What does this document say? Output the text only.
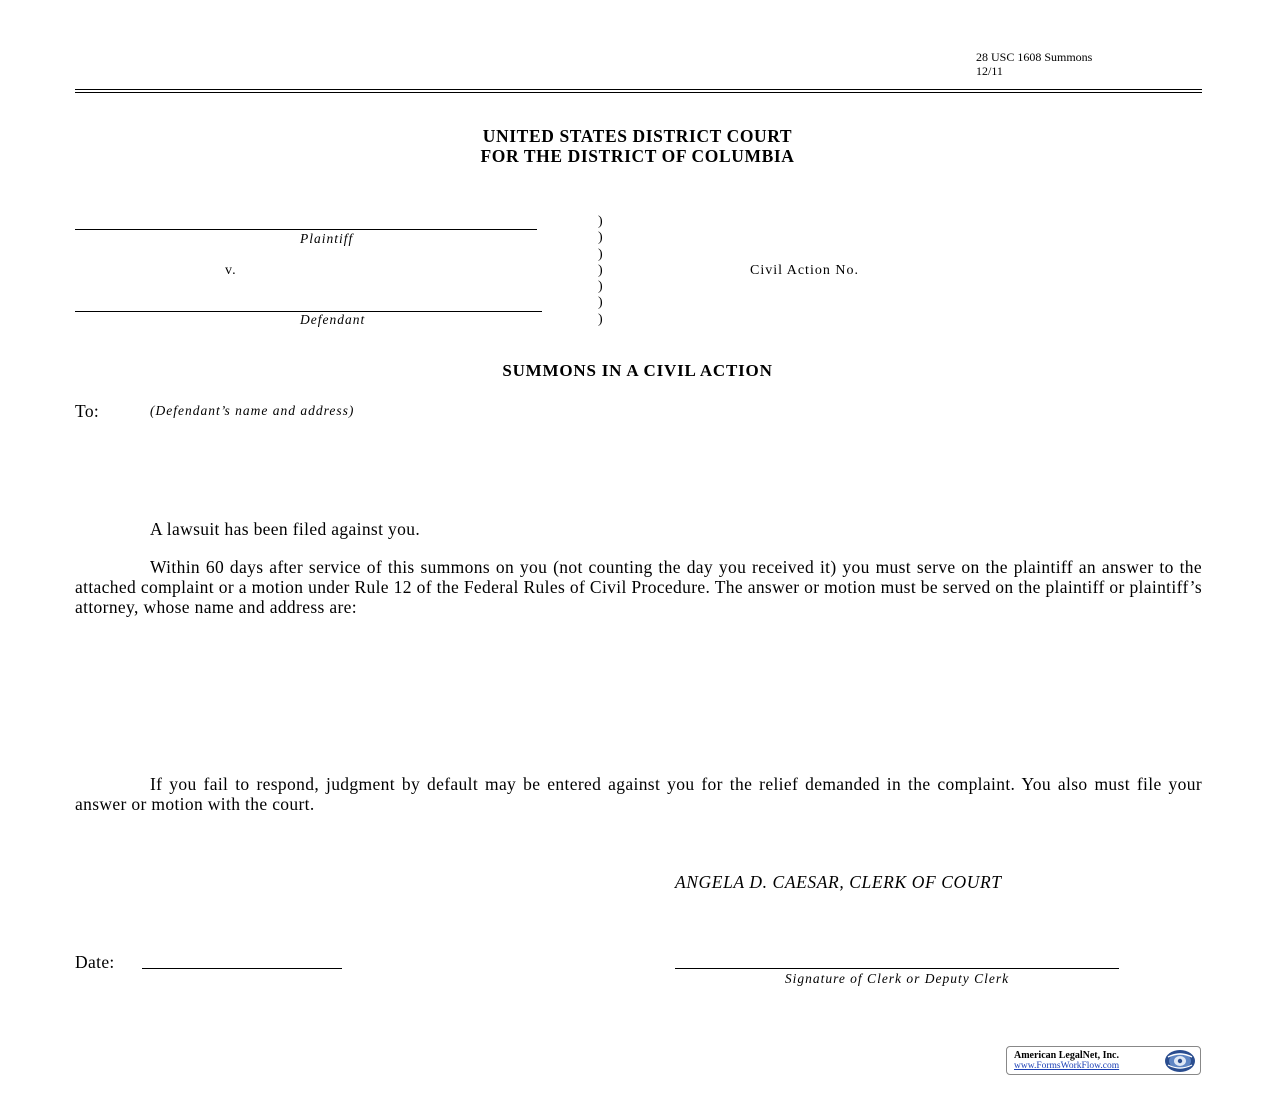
28 USC 1608 Summons
12/11
UNITED STATES DISTRICT COURT
FOR THE DISTRICT OF COLUMBIA
Plaintiff
v.
Defendant
)
)
)
)
)
)
)
Civil Action No.
SUMMONS IN A CIVIL ACTION
To:	(Defendant’s name and address)
A lawsuit has been filed against you.
Within 60 days after service of this summons on you (not counting the day you received it) you must serve on the plaintiff an answer to the attached complaint or a motion under Rule 12 of the Federal Rules of Civil Procedure. The answer or motion must be served on the plaintiff or plaintiff’s attorney, whose name and address are:
If you fail to respond, judgment by default may be entered against you for the relief demanded in the complaint. You also must file your answer or motion with the court.
ANGELA D. CAESAR, CLERK OF COURT
Date:
Signature of Clerk or Deputy Clerk
American LegalNet, Inc.
www.FormsWorkFlow.com
